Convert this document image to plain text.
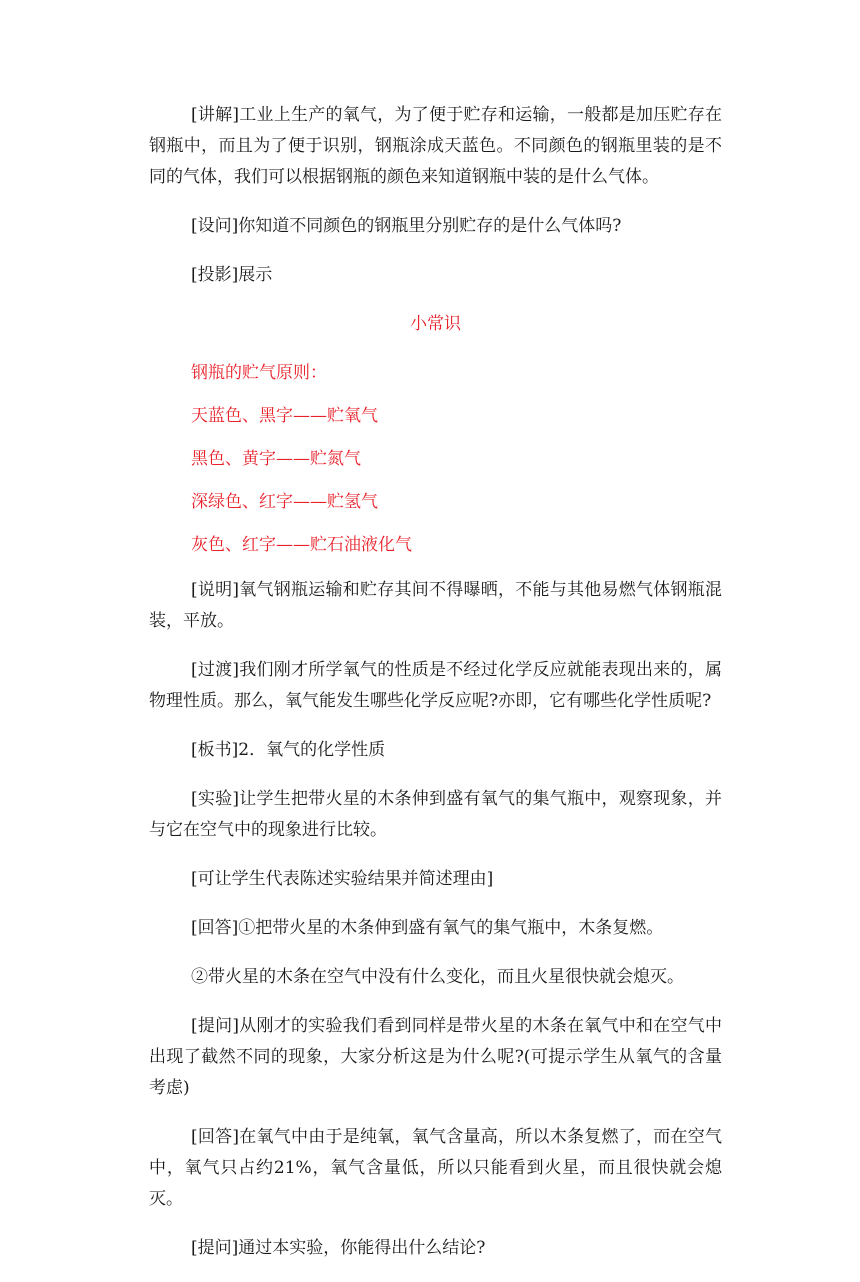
[讲解]工业上生产的氧气，为了便于贮存和运输，一般都是加压贮存在钢瓶中，而且为了便于识别，钢瓶涂成天蓝色。不同颜色的钢瓶里装的是不同的气体，我们可以根据钢瓶的颜色来知道钢瓶中装的是什么气体。

[设问]你知道不同颜色的钢瓶里分别贮存的是什么气体吗?

[投影]展示

小常识

钢瓶的贮气原则：

天蓝色、黑字——贮氧气

黑色、黄字——贮氮气

深绿色、红字——贮氢气

灰色、红字——贮石油液化气

[说明]氧气钢瓶运输和贮存其间不得曝晒，不能与其他易燃气体钢瓶混装，平放。

[过渡]我们刚才所学氧气的性质是不经过化学反应就能表现出来的，属物理性质。那么，氧气能发生哪些化学反应呢?亦即，它有哪些化学性质呢?

[板书]2．氧气的化学性质

[实验]让学生把带火星的木条伸到盛有氧气的集气瓶中，观察现象，并与它在空气中的现象进行比较。

[可让学生代表陈述实验结果并简述理由]

[回答]①把带火星的木条伸到盛有氧气的集气瓶中，木条复燃。

②带火星的木条在空气中没有什么变化，而且火星很快就会熄灭。

[提问]从刚才的实验我们看到同样是带火星的木条在氧气中和在空气中出现了截然不同的现象，大家分析这是为什么呢?(可提示学生从氧气的含量考虑)

[回答]在氧气中由于是纯氧，氧气含量高，所以木条复燃了，而在空气中，氧气只占约21%，氧气含量低，所以只能看到火星，而且很快就会熄灭。

[提问]通过本实验，你能得出什么结论?
